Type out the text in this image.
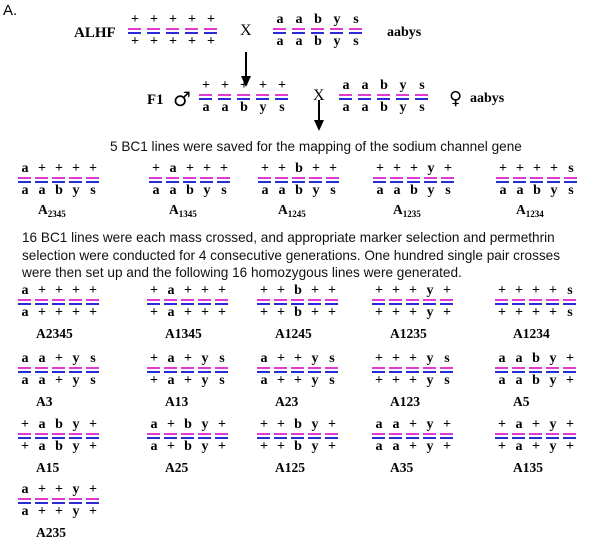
A.
ALHF
+
+
+
+
+
+
+
+
+
+
X
a
a
a
a
b
b
y
y
s
s
aabys
F1 ♂
+
a
+
a
+
b
+
y
+
s
X
a
a
a
a
b
b
y
y
s
s ♀ aabys
5 BC1 lines were saved for the mapping of the sodium channel gene
a
a
+
a
+
b
+
y
+
s
$A_{2345}$
+
a
a
a
+
b
+
y
+
s
$A_{1345}$
+
a
+
a
b
b
+
y
+
s
$A_{1245}$
+
a
+
a
+
b
y
y
+
s
$A_{1235}$
+
a
+
a
+
b
+
y
s
s
$A_{1234}$
16 BC1 lines were each mass crossed, and appropriate marker selection and permethrin selection were conducted for 4 consecutive generations. One hundred single pair crosses were then set up and the following 16 homozygous lines were generated.
a
a
+
+
+
+
+
+
+
+
A2345
+
+
a
a
+
+
+
+
+
+
A1345
+
+
+
+
b
b
+
+
+
+
A1245
+
+
+
+
+
+
y
y
+
+
A1235
+
+
+
+
+
+
+
+
s
s
A1234
a
a
a
a
+
+
y
y
s
s
A3
+
+
a
a
+
+
y
y
s
s
A13
a
a
+
+
+
+
y
y
s
s
A23
+
+
+
+
+
+
y
y
s
s
A123
a
a
a
a
b
b
y
y
+
+
A5
+
+
a
a
b
b
y
y
+
+
A15
a
a
+
+
b
b
y
y
+
+
A25
+
+
+
+
b
b
y
y
+
+
A125
a
a
a
a
+
+
y
y
+
+
A35
+
+
a
a
+
+
y
y
+
+
A135
a
a
+
+
+
+
y
y
+
+
A235
